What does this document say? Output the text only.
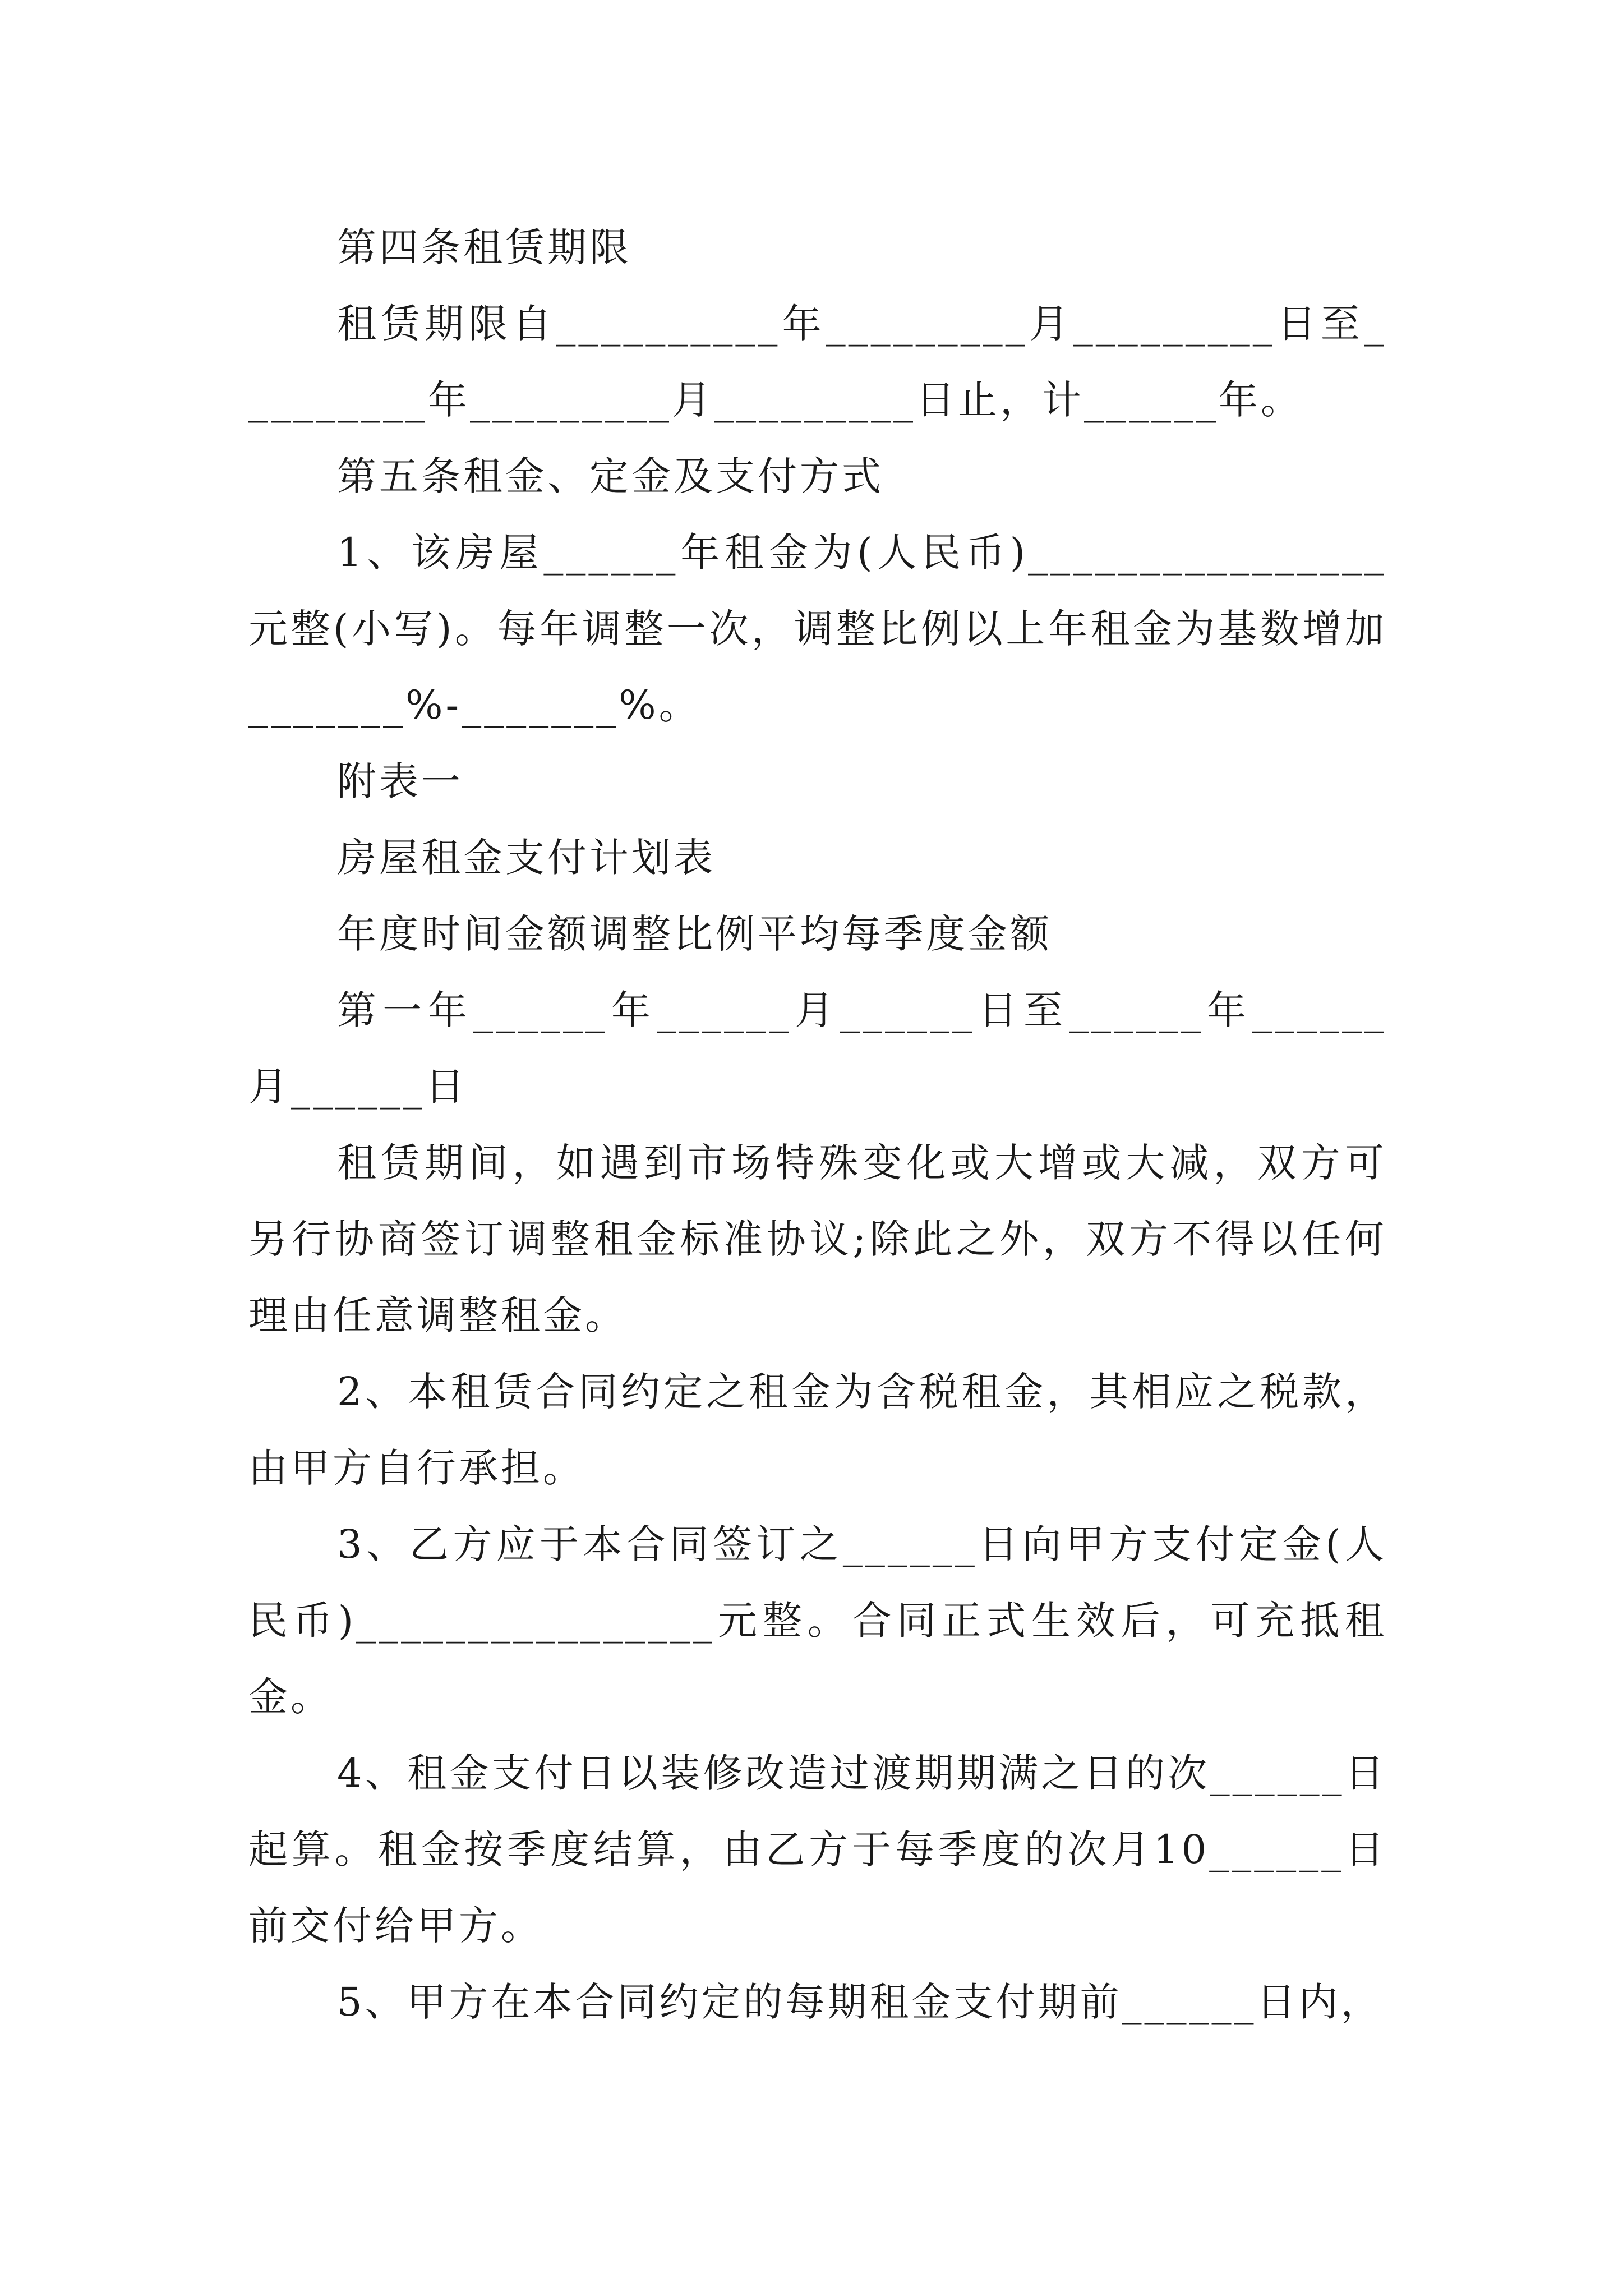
第四条租赁期限

租赁期限自__________年_________月_________日至_________年_________月_________日止，计______年。

第五条租金、定金及支付方式

1、该房屋______年租金为(人民币)________________元整(小写)。每年调整一次，调整比例以上年租金为基数增加_______%-_______%。

附表一

房屋租金支付计划表

年度时间金额调整比例平均每季度金额

第一年______年______月______日至______年______月______日

租赁期间，如遇到市场特殊变化或大增或大减，双方可另行协商签订调整租金标准协议;除此之外，双方不得以任何理由任意调整租金。

2、本租赁合同约定之租金为含税租金，其相应之税款，由甲方自行承担。

3、乙方应于本合同签订之______日向甲方支付定金(人民币)________________元整。合同正式生效后，可充抵租金。

4、租金支付日以装修改造过渡期期满之日的次______日起算。租金按季度结算，由乙方于每季度的次月10______日前交付给甲方。

5、甲方在本合同约定的每期租金支付期前______日内，
